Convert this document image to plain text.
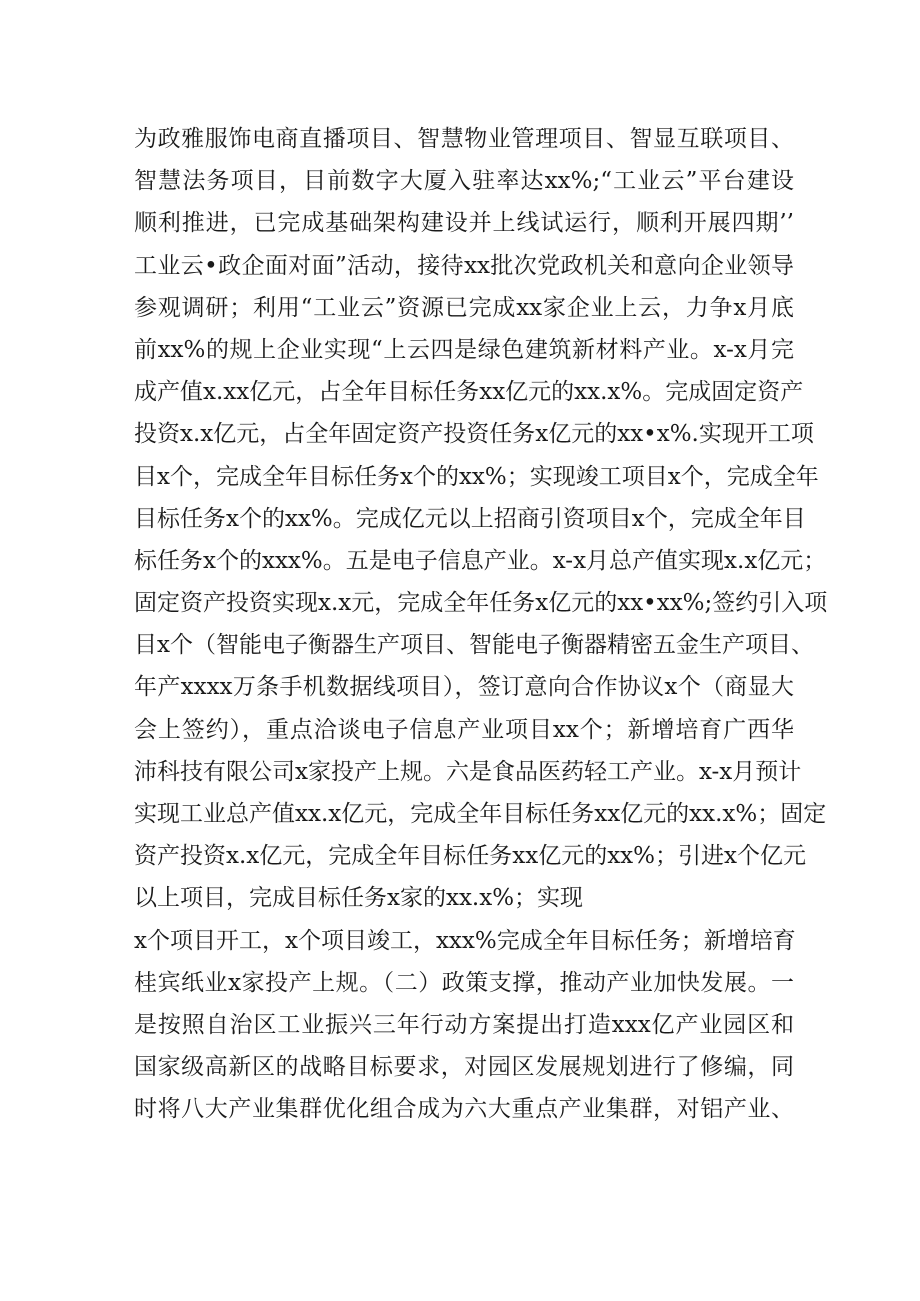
为政雅服饰电商直播项目、智慧物业管理项目、智显互联项目、
智慧法务项目，目前数字大厦入驻率达xx%;“工业云”平台建设
顺利推进，已完成基础架构建设并上线试运行，顺利开展四期’’
工业云•政企面对面”活动，接待xx批次党政机关和意向企业领导
参观调研；利用“工业云”资源已完成xx家企业上云，力争x月底
前xx%的规上企业实现“上云四是绿色建筑新材料产业。x-x月完
成产值x.xx亿元，占全年目标任务xx亿元的xx.x%。完成固定资产
投资x.x亿元，占全年固定资产投资任务x亿元的xx•x%.实现开工项
目x个，完成全年目标任务x个的xx%；实现竣工项目x个，完成全年
目标任务x个的xx%。完成亿元以上招商引资项目x个，完成全年目
标任务x个的xxx%。五是电子信息产业。x-x月总产值实现x.x亿元；
固定资产投资实现x.x元，完成全年任务x亿元的xx•xx%;签约引入项
目x个（智能电子衡器生产项目、智能电子衡器精密五金生产项目、
年产xxxx万条手机数据线项目），签订意向合作协议x个（商显大
会上签约），重点洽谈电子信息产业项目xx个；新增培育广西华
沛科技有限公司x家投产上规。六是食品医药轻工产业。x-x月预计
实现工业总产值xx.x亿元，完成全年目标任务xx亿元的xx.x%；固定
资产投资x.x亿元，完成全年目标任务xx亿元的xx%；引进x个亿元
以上项目，完成目标任务x家的xx.x%；实现
x个项目开工，x个项目竣工，xxx%完成全年目标任务；新增培育
桂宾纸业x家投产上规。（二）政策支撑，推动产业加快发展。一
是按照自治区工业振兴三年行动方案提出打造xxx亿产业园区和
国家级高新区的战略目标要求，对园区发展规划进行了修编，同
时将八大产业集群优化组合成为六大重点产业集群，对铝产业、
